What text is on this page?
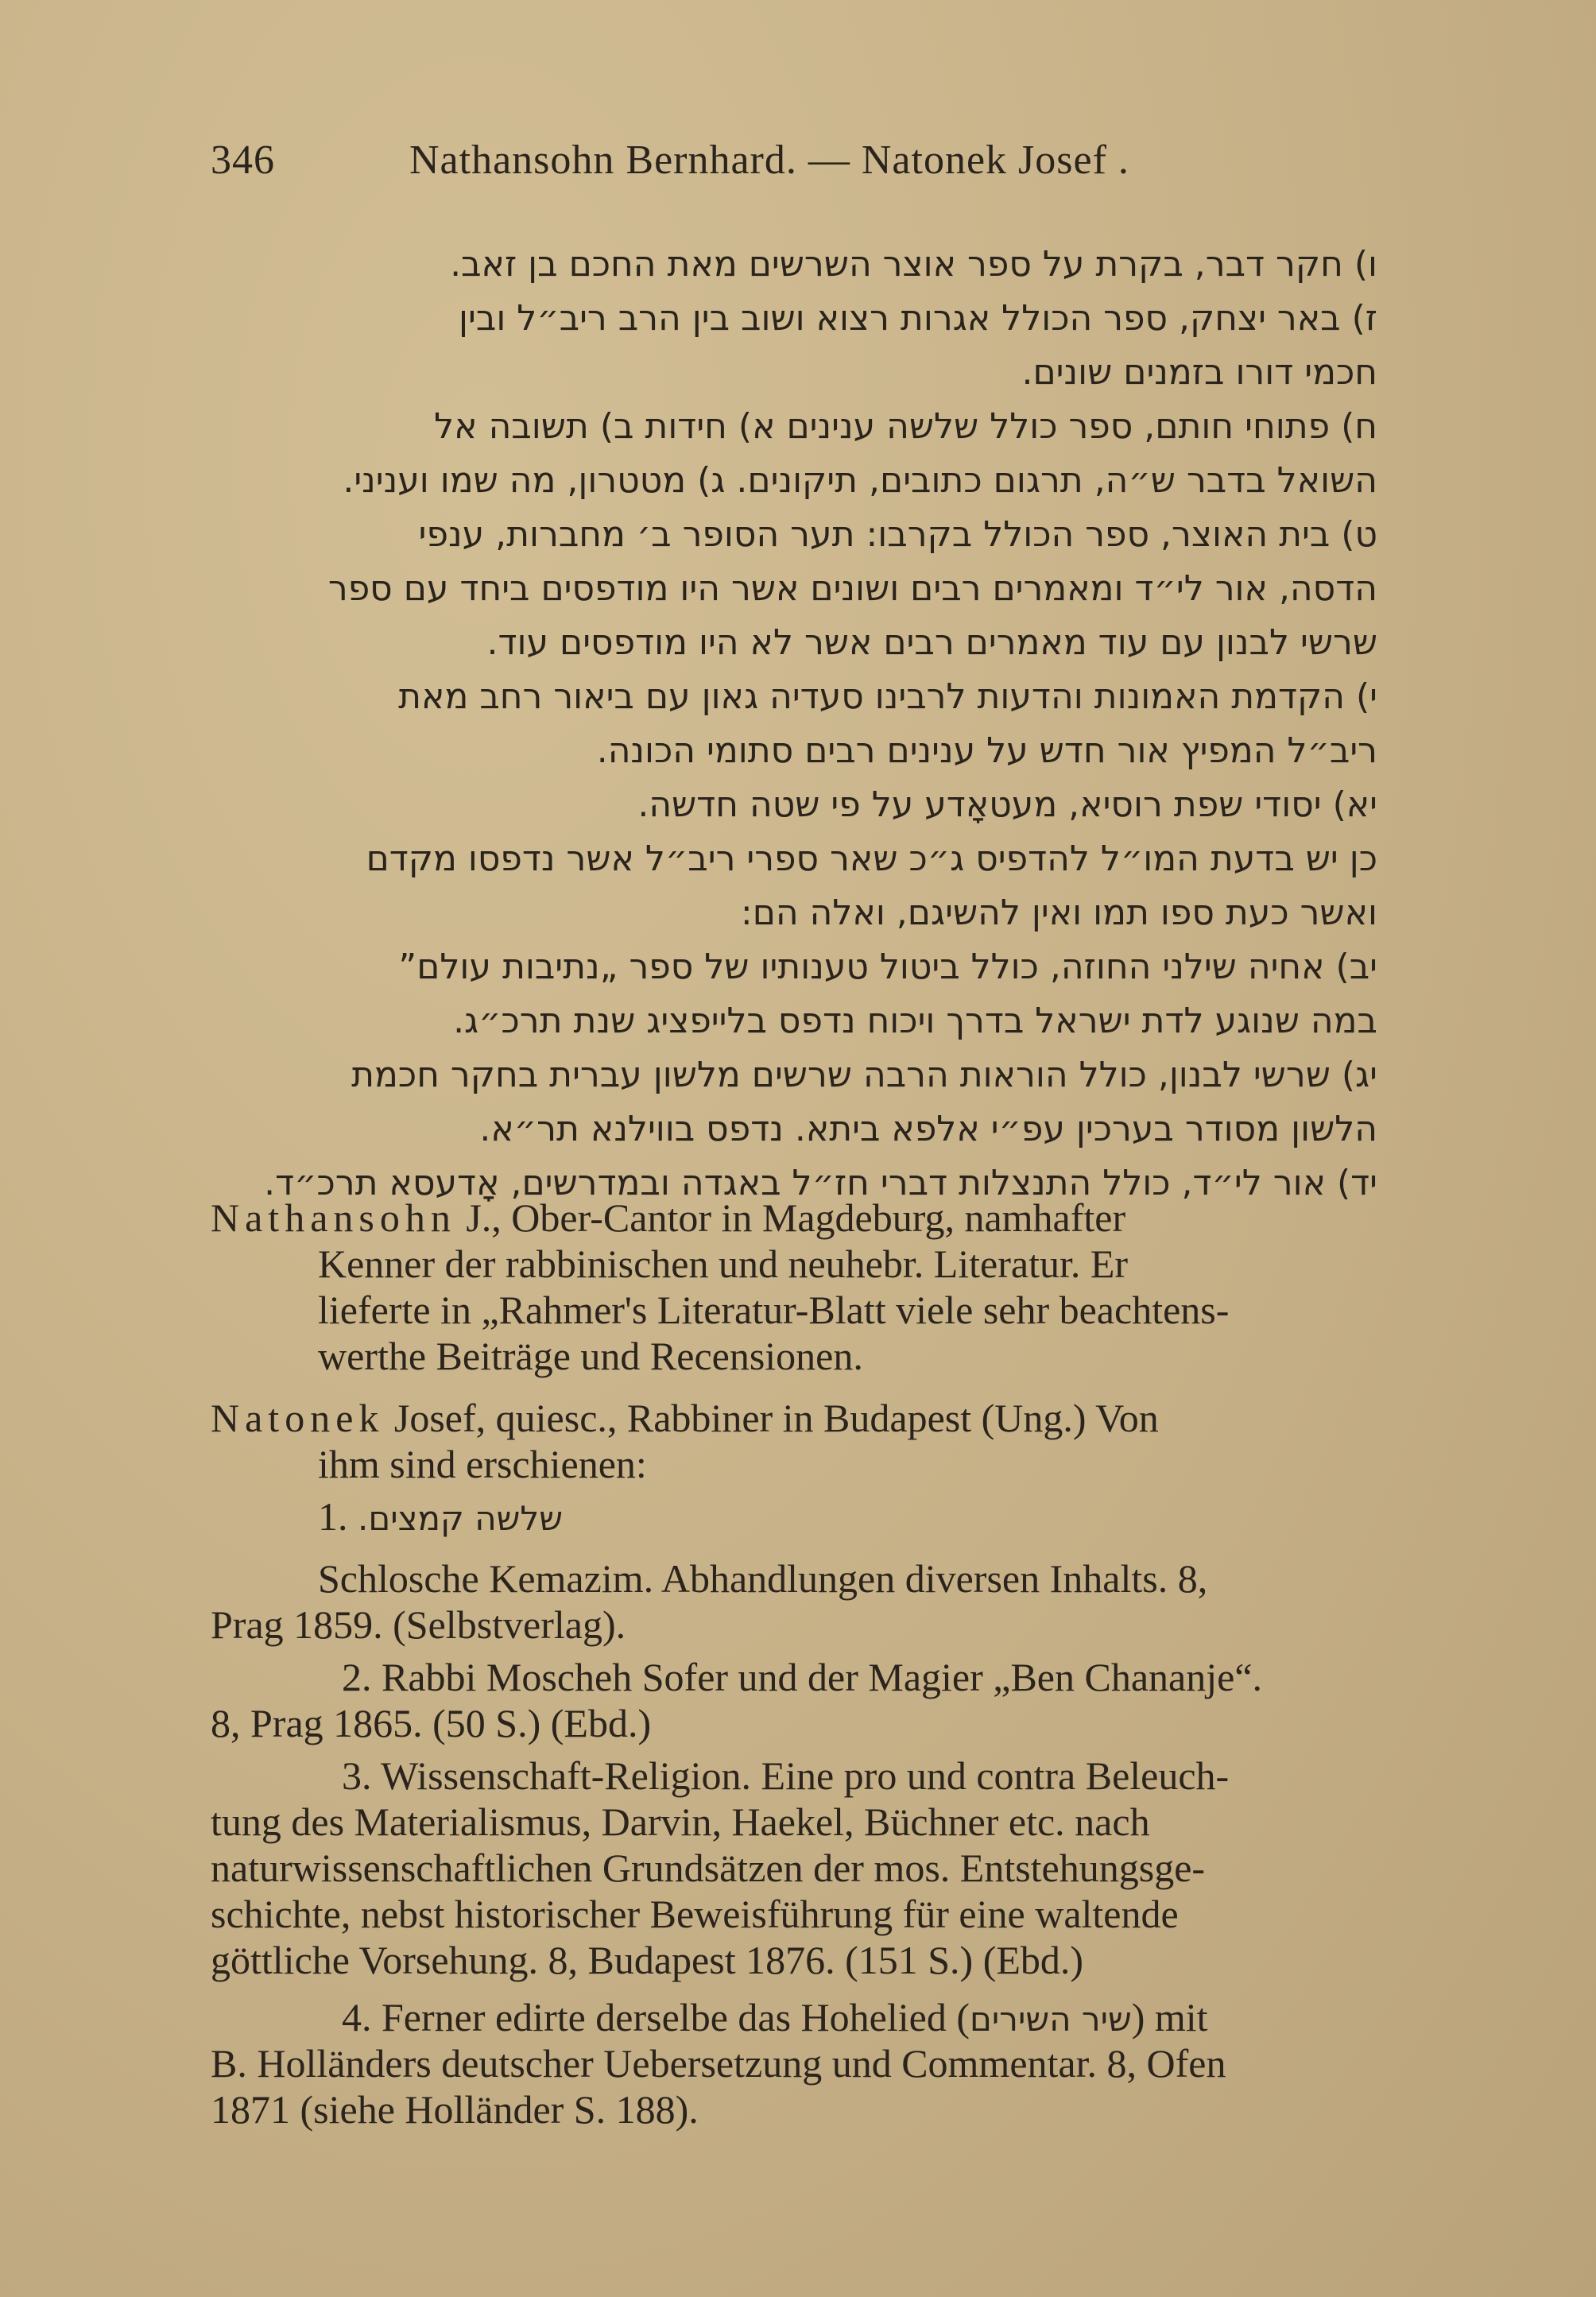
346	Nathansohn Bernhard. — Natonek Josef .
ו) חקר דבר, בקרת על ספר אוצר השרשים מאת החכם בן זאב.
ז) באר יצחק, ספר הכולל אגרות רצוא ושוב בין הרב ריב״ל ובין
חכמי דורו בזמנים שונים.
ח) פתוחי חותם, ספר כולל שלשה ענינים א) חידות ב) תשובה אל
השואל בדבר ש״ה, תרגום כתובים, תיקונים. ג) מטטרון, מה שמו ועניני.
ט) בית האוצר, ספר הכולל בקרבו: תער הסופר ב׳ מחברות, ענפי
הדסה, אור לי״ד ומאמרים רבים ושונים אשר היו מודפסים ביחד עם ספר
שרשי לבנון עם עוד מאמרים רבים אשר לא היו מודפסים עוד.
י) הקדמת האמונות והדעות לרבינו סעדיה גאון עם ביאור רחב מאת
ריב״ל המפיץ אור חדש על ענינים רבים סתומי הכונה.
יא) יסודי שפת רוסיא, מעטאָדע על פי שטה חדשה.
כן יש בדעת המו״ל להדפיס ג״כ שאר ספרי ריב״ל אשר נדפסו מקדם
ואשר כעת ספו תמו ואין להשיגם, ואלה הם:
יב) אחיה שילני החוזה, כולל ביטול טענותיו של ספר „נתיבות עולם”
במה שנוגע לדת ישראל בדרך ויכוח נדפס בלייפציג שנת תרכ״ג.
יג) שרשי לבנון, כולל הוראות הרבה שרשים מלשון עברית בחקר חכמת
הלשון מסודר בערכין עפ״י אלפא ביתא. נדפס בווילנא תר״א.
יד) אור לי״ד, כולל התנצלות דברי חז״ל באגדה ובמדרשים, אָדעסא תרכ״ד.
Nathansohn J., Ober-Cantor in Magdeburg, namhafter
Kenner der rabbinischen und neuhebr. Literatur. Er
lieferte in „Rahmer's Literatur-Blatt viele sehr beachtens-
werthe Beiträge und Recensionen.
Natonek Josef, quiesc., Rabbiner in Budapest (Ung.) Von
ihm sind erschienen:
1. שלשה קמצים.
Schlosche Kemazim. Abhandlungen diversen Inhalts. 8,
Prag 1859. (Selbstverlag).
2. Rabbi Moscheh Sofer und der Magier „Ben Chananje“.
8, Prag 1865. (50 S.) (Ebd.)
3. Wissenschaft-Religion. Eine pro und contra Beleuch-
tung des Materialismus, Darvin, Haekel, Büchner etc. nach
naturwissenschaftlichen Grundsätzen der mos. Entstehungsge-
schichte, nebst historischer Beweisführung für eine waltende
göttliche Vorsehung. 8, Budapest 1876. (151 S.) (Ebd.)
4. Ferner edirte derselbe das Hohelied (שיר השירים) mit
B. Holländers deutscher Uebersetzung und Commentar. 8, Ofen
1871 (siehe Holländer S. 188).
